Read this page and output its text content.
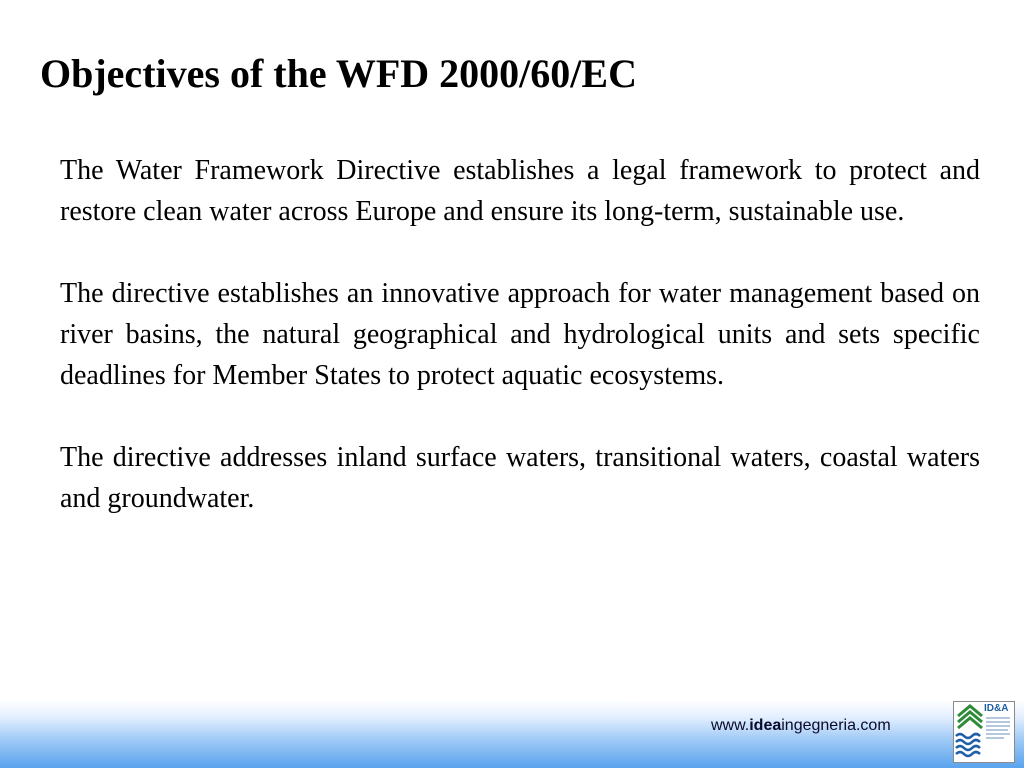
Objectives of the WFD 2000/60/EC

The Water Framework Directive establishes a legal framework to protect and restore clean water across Europe and ensure its long-term, sustainable use.

The directive establishes an innovative approach for water management based on river basins, the natural geographical and hydrological units and sets specific deadlines for Member States to protect aquatic ecosystems.

The directive addresses inland surface waters, transitional waters, coastal waters and groundwater.

www.ideaingegneria.com
ID&A
